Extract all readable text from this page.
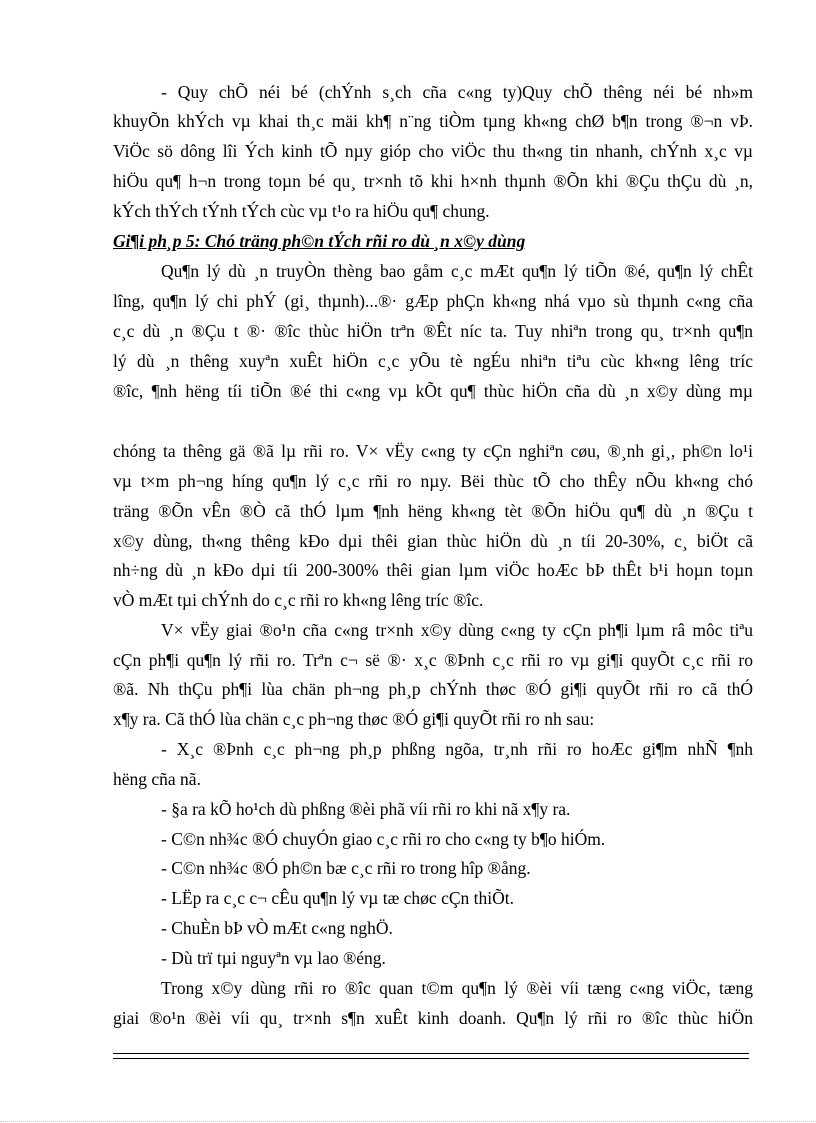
- Quy chÕ néi bé (chÝnh s¸ch cña c«ng ty)Quy chÕ thêng néi bé nh»m
khuyÕn khÝch vµ khai th¸c mäi kh¶ n¨ng tiÒm tµng kh«ng chØ b¶n trong ®¬n vÞ.
ViÖc sö dông lîi Ých kinh tÕ nµy gióp cho viÖc thu th«ng tin nhanh, chÝnh x¸c vµ
hiÖu qu¶ h¬n trong toµn bé qu¸ tr×nh tõ khi h×nh thµnh ®Õn khi ®Çu thÇu dù ¸n,
kÝch thÝch tÝnh tÝch cùc vµ t¹o ra hiÖu qu¶ chung.
Gi¶i ph¸p 5: Chó träng ph©n tÝch rñi ro dù ¸n x©y dùng
Qu¶n lý dù ¸n truyÒn thèng bao gåm c¸c mÆt qu¶n lý tiÕn ®é, qu¶n lý chÊt
lîng, qu¶n lý chi phÝ (gi¸ thµnh)...®· gÆp phÇn kh«ng nhá vµo sù thµnh c«ng cña
c¸c dù ¸n ®Çu t ®· ®îc thùc hiÖn trªn ®Êt níc ta. Tuy nhiªn trong qu¸ tr×nh qu¶n
lý dù ¸n thêng xuyªn xuÊt hiÖn c¸c yÕu tè ngÉu nhiªn tiªu cùc kh«ng lêng tríc
®îc, ¶nh hëng tíi tiÕn ®é thi c«ng vµ kÕt qu¶ thùc hiÖn cña dù ¸n x©y dùng mµ
chóng ta thêng gä ®ã lµ rñi ro. V× vËy c«ng ty cÇn nghiªn cøu, ®¸nh gi¸, ph©n lo¹i
vµ t×m ph¬ng híng qu¶n lý c¸c rñi ro nµy. Bëi thùc tÕ cho thÊy nÕu kh«ng chó
träng ®Õn vÊn ®Ò cã thÓ lµm ¶nh hëng kh«ng tèt ®Õn hiÖu qu¶ dù ¸n ®Çu t
x©y dùng, th«ng thêng kÐo dµi thêi gian thùc hiÖn dù ¸n tíi 20-30%, c¸ biÖt cã
nh÷ng dù ¸n kÐo dµi tíi 200-300% thêi gian lµm viÖc hoÆc bÞ thÊt b¹i hoµn toµn
vÒ mÆt tµi chÝnh do c¸c rñi ro kh«ng lêng tríc ®îc.
V× vËy giai ®o¹n cña c«ng tr×nh x©y dùng c«ng ty cÇn ph¶i lµm râ môc tiªu
cÇn ph¶i qu¶n lý rñi ro. Trªn c¬ së ®· x¸c ®Þnh c¸c rñi ro vµ gi¶i quyÕt c¸c rñi ro
®ã. Nh thÇu ph¶i lùa chän ph¬ng ph¸p chÝnh thøc ®Ó gi¶i quyÕt rñi ro cã thÓ
x¶y ra. Cã thÓ lùa chän c¸c ph¬ng thøc ®Ó gi¶i quyÕt rñi ro nh sau:
- X¸c ®Þnh c¸c ph¬ng ph¸p phßng ngõa, tr¸nh rñi ro hoÆc gi¶m nhÑ ¶nh
hëng cña nã.
- §a ra kÕ ho¹ch dù phßng ®èi phã víi rñi ro khi nã x¶y ra.
- C©n nh¾c ®Ó chuyÓn giao c¸c rñi ro cho c«ng ty b¶o hiÓm.
- C©n nh¾c ®Ó ph©n bæ c¸c rñi ro trong hîp ®ång.
- LËp ra c¸c c¬ cÊu qu¶n lý vµ tæ chøc cÇn thiÕt.
- ChuÈn bÞ vÒ mÆt c«ng nghÖ.
- Dù trï tµi nguyªn vµ lao ®éng.
Trong x©y dùng rñi ro ®îc quan t©m qu¶n lý ®èi víi tæng c«ng viÖc, tæng
giai ®o¹n ®èi víi qu¸ tr×nh s¶n xuÊt kinh doanh. Qu¶n lý rñi ro ®îc thùc hiÖn
